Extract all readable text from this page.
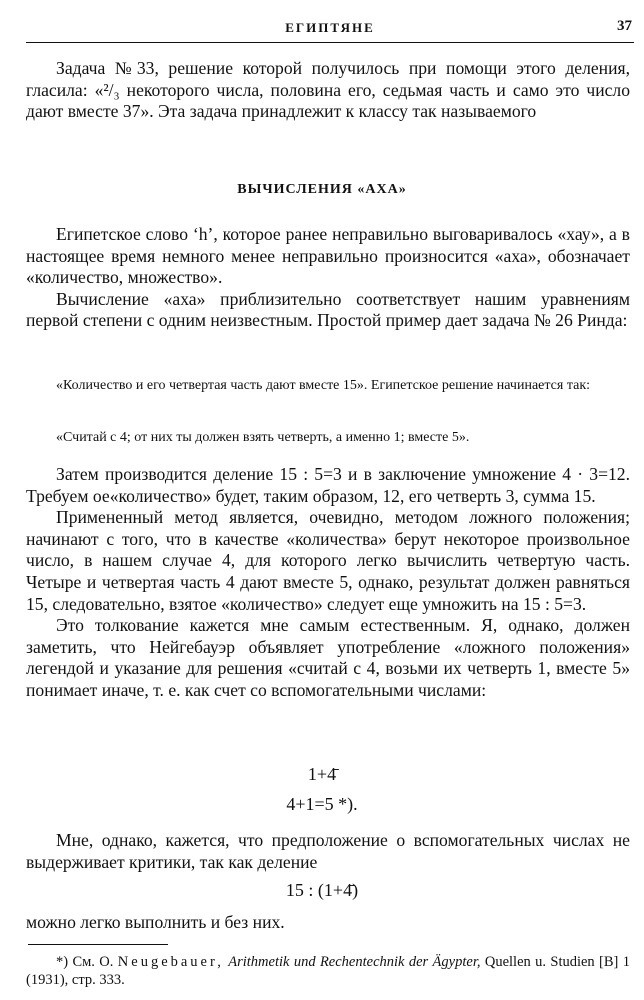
ЕГИПТЯНЕ	37

Задача №33, решение которой получилось при помощи этого деления, гласила: «²/₃ некоторого числа, половина его, седьмая часть и само это число дают вместе 37». Эта задача принадлежит к классу так называемого

ВЫЧИСЛЕНИЯ «АХА»

Египетское слово ‘h’, которое ранее неправильно выговаривалось «хау», а в настоящее время немного менее неправильно произносится «аха», обозначает «количество, множество».

Вычисление «аха» приблизительно соответствует нашим уравнениям первой степени с одним неизвестным. Простой пример дает задача № 26 Ринда:

«Количество и его четвертая часть дают вместе 15». Египетское решение начинается так:

«Считай с 4; от них ты должен взять четверть, а именно 1; вместе 5».

Затем производится деление 15 : 5=3 и в заключение умножение 4 · 3=12. Требуем ое«количество» будет, таким образом, 12, его четверть 3, сумма 15.

Примененный метод является, очевидно, методом ложного положения; начинают с того, что в качестве «количества» берут некоторое произвольное число, в нашем случае 4, для которого легко вычислить четвертую часть. Четыре и четвертая часть 4 дают вместе 5, однако, результат должен равняться 15, следовательно, взятое «количество» следует еще умножить на 15 : 5=3.

Это толкование кажется мне самым естественным. Я, однако, должен заметить, что Нейгебауэр объявляет употребление «ложного положения» легендой и указание для решения «считай с 4, возьми их четверть 1, вместе 5» понимает иначе, т. е. как счет со вспомогательными числами:

1+4̄
4+1=5 *).

Мне, однако, кажется, что предположение о вспомогательных числах не выдерживает критики, так как деление

15 : (1+4̄)

можно легко выполнить и без них.

*) См. О. Neugebauer, Arithmetik und Rechentechnik der Ägypter, Quellen u. Studien [B] 1 (1931), стр. 333.
